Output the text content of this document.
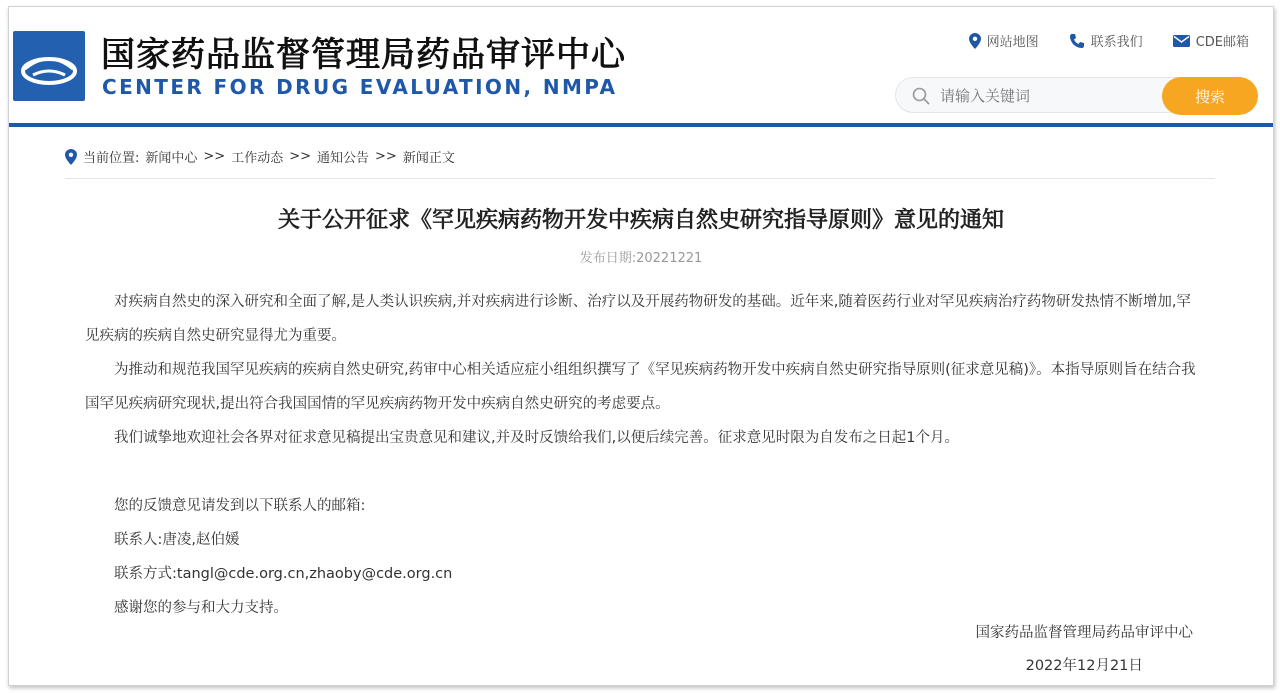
国家药品监督管理局药品审评中心
CENTER FOR DRUG EVALUATION, NMPA
网站地图	联系我们	CDE邮箱
请输入关键词
搜索
当前位置: 新闻中心 >> 工作动态 >> 通知公告 >> 新闻正文
关于公开征求《罕见疾病药物开发中疾病自然史研究指导原则》意见的通知
发布日期:20221221

对疾病自然史的深入研究和全面了解,是人类认识疾病,并对疾病进行诊断、治疗以及开展药物研发的基础。近年来,随着医药行业对罕见疾病治疗药物研发热情不断增加,罕见疾病的疾病自然史研究显得尤为重要。

为推动和规范我国罕见疾病的疾病自然史研究,药审中心相关适应症小组组织撰写了《罕见疾病药物开发中疾病自然史研究指导原则(征求意见稿)》。本指导原则旨在结合我国罕见疾病研究现状,提出符合我国国情的罕见疾病药物开发中疾病自然史研究的考虑要点。

我们诚挚地欢迎社会各界对征求意见稿提出宝贵意见和建议,并及时反馈给我们,以便后续完善。征求意见时限为自发布之日起1个月。

您的反馈意见请发到以下联系人的邮箱:

联系人:唐凌,赵伯媛

联系方式:tangl@cde.org.cn,zhaoby@cde.org.cn

感谢您的参与和大力支持。

国家药品监督管理局药品审评中心
2022年12月21日
